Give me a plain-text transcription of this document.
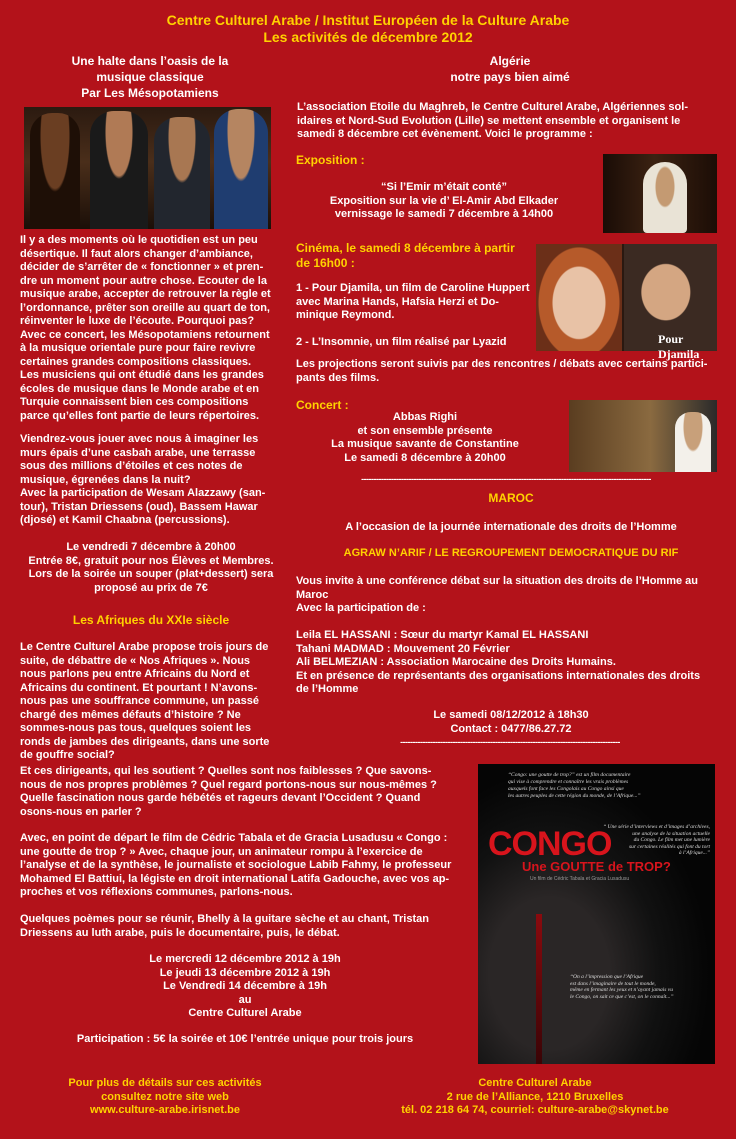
Centre Culturel Arabe / Institut Européen de la Culture Arabe
Les activités de décembre 2012

Une halte dans l’oasis de la
musique classique
Par Les Mésopotamiens

Il y a des moments où le quotidien est un peu
désertique. Il faut alors changer d’ambiance,
décider de s’arrêter de « fonctionner » et pren-
dre un moment pour autre chose. Ecouter de la
musique arabe, accepter de retrouver la règle et
l’ordonnance, prêter son oreille au quart de ton,
réinventer le luxe de l’écoute. Pourquoi pas?
Avec ce concert, les Mésopotamiens retournent
à la musique orientale pure pour faire revivre
certaines grandes compositions classiques.
Les musiciens qui ont étudié dans les grandes
écoles de musique dans le Monde arabe et en
Turquie connaissent bien ces compositions
parce qu’elles font partie de leurs répertoires.

Viendrez-vous jouer avec nous à imaginer les
murs épais d’une casbah arabe, une terrasse
sous des millions d’étoiles et ces notes de
musique, égrenées dans la nuit?
Avec la participation de Wesam Alazzawy (san-
tour), Tristan Driessens (oud), Bassem Hawar
(djosé) et Kamil Chaabna (percussions).

Le vendredi 7 décembre à 20h00
Entrée 8€, gratuit pour nos Élèves et Membres.
Lors de la soirée un souper (plat+dessert) sera
proposé au prix de 7€

Les Afriques du XXIe siècle

Le Centre Culturel Arabe propose trois jours de
suite, de débattre de « Nos Afriques ». Nous
nous parlons peu entre Africains du Nord et
Africains du continent. Et pourtant ! N’avons-
nous pas une souffrance commune, un passé
chargé des mêmes défauts d’histoire ? Ne
sommes-nous pas tous, quelques soient les
ronds de jambes des dirigeants, dans une sorte
de gouffre social?

Algérie
notre pays bien aimé

L’association Etoile du Maghreb, le Centre Culturel Arabe, Algériennes sol-
idaires et Nord-Sud Evolution (Lille) se mettent ensemble et organisent le
samedi 8 décembre cet évènement. Voici le programme :

Exposition :

“Si l’Emir m’était conté”
Exposition sur la vie d’ El-Amir Abd Elkader
vernissage le samedi 7 décembre à 14h00

Cinéma, le samedi 8 décembre à partir
de 16h00 :

1 - Pour Djamila, un film de Caroline Huppert
avec Marina Hands, Hafsia Herzi et Do-
minique Reymond.

2 - L’Insomnie, un film réalisé par Lyazid

Les projections seront suivis par des rencontres / débats avec certains partici-
pants des films.

Pour Djamila
Concert :

Abbas Righi
et son ensemble présente
La musique savante de Constantine
Le samedi 8 décembre à 20h00

--------------------------------------------------------------------------------------------------------------------
MAROC
A l’occasion de la journée internationale des droits de l’Homme
AGRAW N’ARIF / LE REGROUPEMENT DEMOCRATIQUE DU RIF

Vous invite à une conférence débat sur la situation des droits de l’Homme au
Maroc
Avec la participation de :

Leila EL HASSANI : Sœur du martyr Kamal EL HASSANI
Tahani MADMAD : Mouvement 20 Février
Ali BELMEZIAN : Association Marocaine des Droits Humains.
Et en présence de représentants des organisations internationales des droits
de l’Homme

Le samedi 08/12/2012 à 18h30
Contact : 0477/86.27.72

----------------------------------------------------------------------------------------

Et ces dirigeants, qui les soutient ? Quelles sont nos faiblesses ? Que savons-
nous de nos propres problèmes ? Quel regard portons-nous sur nous-mêmes ?
Quelle fascination nous garde hébétés et rageurs devant l’Occident ? Quand
osons-nous en parler ?

Avec, en point de départ le film de Cédric Tabala et de Gracia Lusadusu « Congo :
une goutte de trop ? » Avec, chaque jour, un animateur rompu à l’exercice de
l’analyse et de la synthèse, le journaliste et sociologue Labib Fahmy, le professeur
Mohamed El Battiui, la légiste en droit international Latifa Gadouche, avec vos ap-
proches et vos réflexions communes, parlons-nous.

Quelques poèmes pour se réunir, Bhelly à la guitare sèche et au chant, Tristan
Driessens au luth arabe, puis le documentaire, puis, le débat.

Le mercredi 12 décembre 2012 à 19h
Le jeudi 13 décembre 2012 à 19h
Le Vendredi 14 décembre à 19h
au
Centre Culturel Arabe

Participation : 5€ la soirée et 10€ l’entrée unique pour trois jours

“Congo: une goutte de trop?” est un film documentaire
qui vise à comprendre et connaître les vrais problèmes
auxquels font face les Congolais au Congo ainsi que
les autres peuples de cette région du monde, de l’Afrique...”

CONGO
Une GOUTTE de TROP?
Un film de Cédric Tabala et Gracia Lusadusu

“ Une série d’interviews et d’images d’archives,
une analyse de la situation actuelle
du Congo. Le film met une lumière
sur certaines réalités qui font du tort
à l’Afrique...”

“On a l’impression que l’Afrique
est dans l’imaginaire de tout le monde,
même en fermant les yeux et n’ayant jamais vu
le Congo, on sait ce que c’est, on le connaît...”

Pour plus de détails sur ces activités
consultez notre site web
www.culture-arabe.irisnet.be

Centre Culturel Arabe
2 rue de l’Alliance, 1210 Bruxelles
tél. 02 218 64 74, courriel: culture-arabe@skynet.be
